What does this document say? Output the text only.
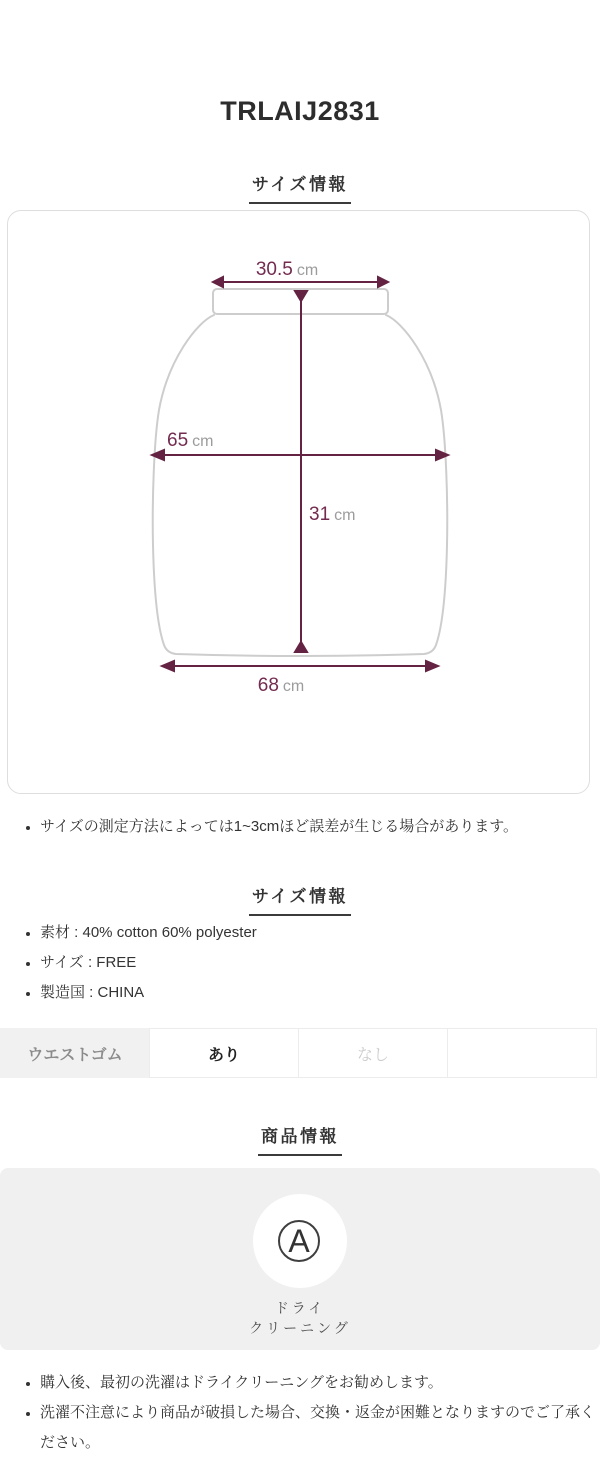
TRLAIJ2831
サイズ情報
30.5 cm
65 cm
31 cm
68 cm
• サイズの測定方法によっては1~3cmほど誤差が生じる場合があります。
サイズ情報
• 素材 : 40% cotton 60% polyester
• サイズ : FREE
• 製造国 : CHINA
ウエストゴム	あり	なし
商品情報
A
ドライ
クリーニング
• 購入後、最初の洗濯はドライクリーニングをお勧めします。
• 洗濯不注意により商品が破損した場合、交換・返金が困難となりますのでご了承ください。
